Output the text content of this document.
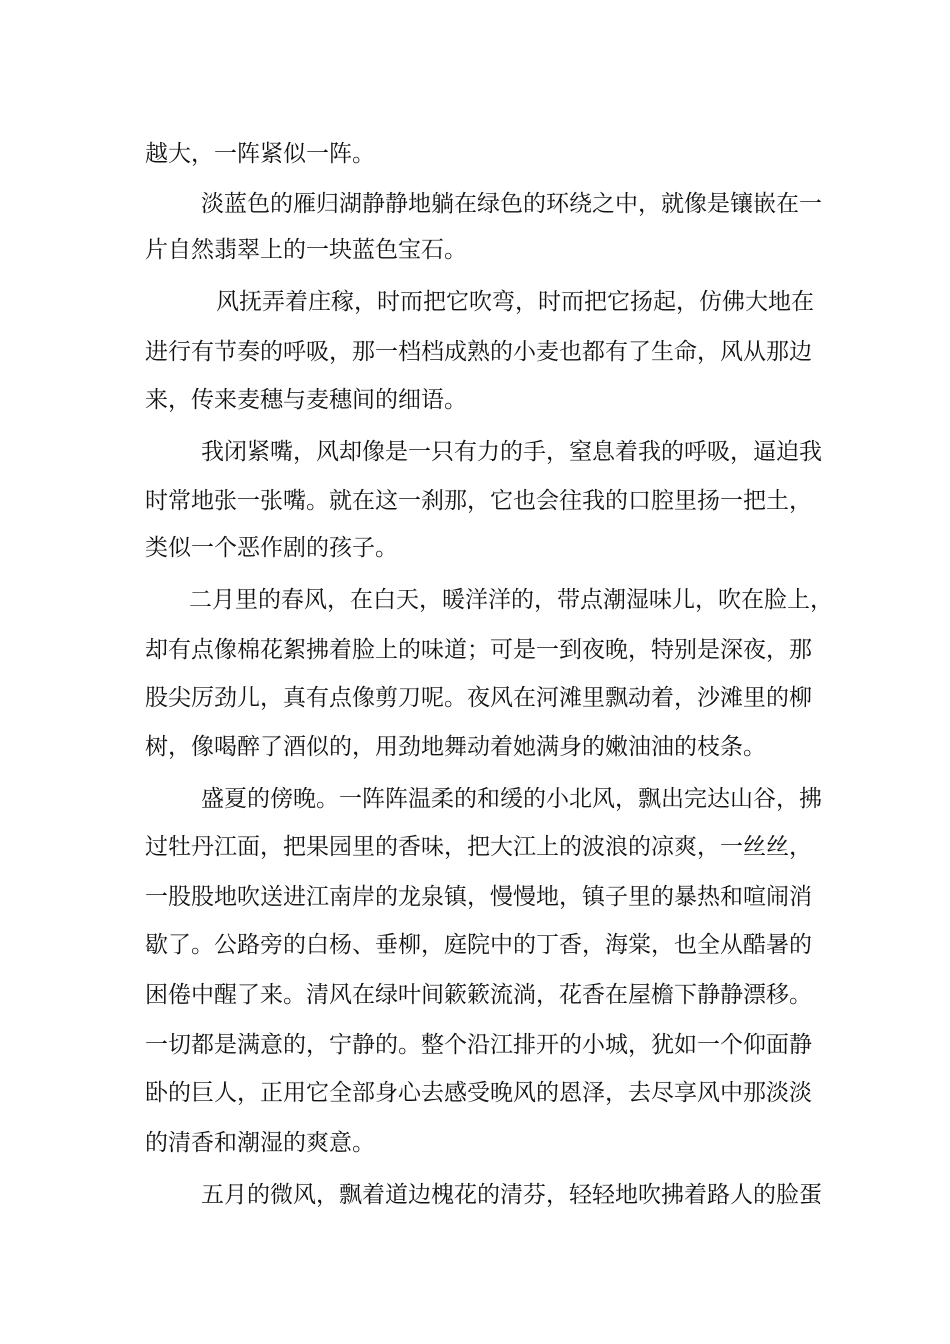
越大，一阵紧似一阵。
淡蓝色的雁归湖静静地躺在绿色的环绕之中，就像是镶嵌在一
片自然翡翠上的一块蓝色宝石。
风抚弄着庄稼，时而把它吹弯，时而把它扬起，仿佛大地在
进行有节奏的呼吸，那一档档成熟的小麦也都有了生命，风从那边
来，传来麦穗与麦穗间的细语。
我闭紧嘴，风却像是一只有力的手，窒息着我的呼吸，逼迫我
时常地张一张嘴。就在这一刹那，它也会往我的口腔里扬一把土，
类似一个恶作剧的孩子。
二月里的春风，在白天，暖洋洋的，带点潮湿味儿，吹在脸上，
却有点像棉花絮拂着脸上的味道；可是一到夜晚，特别是深夜，那
股尖厉劲儿，真有点像剪刀呢。夜风在河滩里飘动着，沙滩里的柳
树，像喝醉了酒似的，用劲地舞动着她满身的嫩油油的枝条。
盛夏的傍晚。一阵阵温柔的和缓的小北风，飘出完达山谷，拂
过牡丹江面，把果园里的香味，把大江上的波浪的凉爽，一丝丝，
一股股地吹送进江南岸的龙泉镇，慢慢地，镇子里的暴热和喧闹消
歇了。公路旁的白杨、垂柳，庭院中的丁香，海棠，也全从酷暑的
困倦中醒了来。清风在绿叶间簌簌流淌，花香在屋檐下静静漂移。
一切都是满意的，宁静的。整个沿江排开的小城，犹如一个仰面静
卧的巨人，正用它全部身心去感受晚风的恩泽，去尽享风中那淡淡
的清香和潮湿的爽意。
五月的微风，飘着道边槐花的清芬，轻轻地吹拂着路人的脸蛋
